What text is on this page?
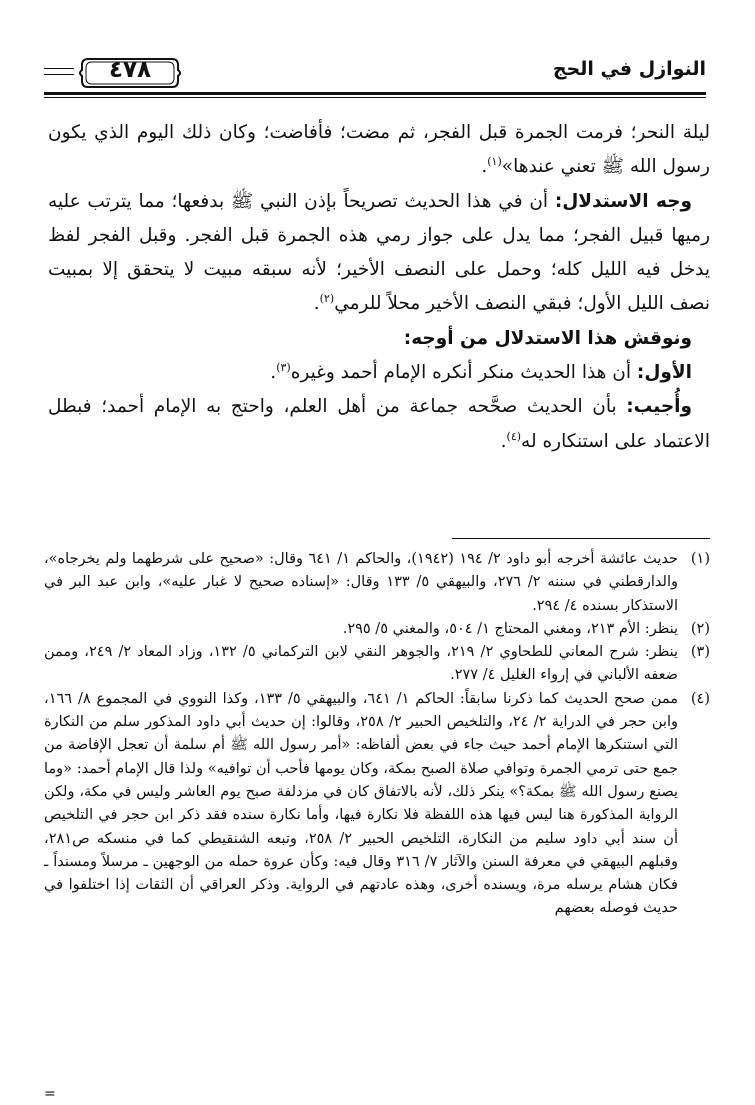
النوازل في الحج
٤٧٨

ليلة النحر؛ فرمت الجمرة قبل الفجر، ثم مضت؛ فأفاضت؛ وكان ذلك اليوم الذي يكون رسول الله ﷺ تعني عندها»$^{(١)}$.

وجه الاستدلال: أن في هذا الحديث تصريحاً بإذن النبي ﷺ بدفعها؛ مما يترتب عليه رميها قبيل الفجر؛ مما يدل على جواز رمي هذه الجمرة قبل الفجر. وقبل الفجر لفظ يدخل فيه الليل كله؛ وحمل على النصف الأخير؛ لأنه سبقه مبيت لا يتحقق إلا بمبيت نصف الليل الأول؛ فبقي النصف الأخير محلاً للرمي$^{(٢)}$.

ونوقش هذا الاستدلال من أوجه:

الأول: أن هذا الحديث منكر أنكره الإمام أحمد وغيره$^{(٣)}$.

وأُجيب: بأن الحديث صحَّحه جماعة من أهل العلم، واحتج به الإمام أحمد؛ فبطل الاعتماد على استنكاره له$^{(٤)}$.

(١)
حديث عائشة أخرجه أبو داود ٢/ ١٩٤ (١٩٤٢)، والحاكم ١/ ٦٤١ وقال: «صحيح على شرطهما ولم يخرجاه»، والدارقطني في سننه ٢/ ٢٧٦، والبيهقي ٥/ ١٣٣ وقال: «إسناده صحيح لا غبار عليه»، وابن عبد البر في الاستذكار بسنده ٤/ ٢٩٤.
(٢)
ينظر: الأم ٢١٣، ومغني المحتاج ١/ ٥٠٤، والمغني ٥/ ٢٩٥.
(٣)
ينظر: شرح المعاني للطحاوي ٢/ ٢١٩، والجوهر النقي لابن التركماني ٥/ ١٣٢، وزاد المعاد ٢/ ٢٤٩، وممن ضعفه الألباني في إرواء الغليل ٤/ ٢٧٧.
(٤)
ممن صحح الحديث كما ذكرنا سابقاً: الحاكم ١/ ٦٤١، والبيهقي ٥/ ١٣٣، وكذا النووي في المجموع ٨/ ١٦٦، وابن حجر في الدراية ٢/ ٢٤، والتلخيص الحبير ٢/ ٢٥٨، وقالوا: إن حديث أبي داود المذكور سلم من النكارة التي استنكرها الإمام أحمد حيث جاء في بعض ألفاظه: «أمر رسول الله ﷺ أم سلمة أن تعجل الإفاضة من جمع حتى ترمي الجمرة وتوافي صلاة الصبح بمكة، وكان يومها فأحب أن توافيه» ولذا قال الإمام أحمد: «وما يصنع رسول الله ﷺ بمكة؟» ينكر ذلك، لأنه بالاتفاق كان في مزدلفة صبح يوم العاشر وليس في مكة، ولكن الرواية المذكورة هنا ليس فيها هذه اللفظة فلا نكارة فيها، وأما نكارة سنده فقد ذكر ابن حجر في التلخيص أن سند أبي داود سليم من النكارة، التلخيص الحبير ٢/ ٢٥٨، وتبعه الشنقيطي كما في منسكه ص٢٨١، وقبلهم البيهقي في معرفة السنن والآثار ٧/ ٣١٦ وقال فيه: وكأن عروة حمله من الوجهين ـ مرسلاً ومسنداً ـ فكان هشام يرسله مرة، ويسنده أخرى، وهذه عادتهم في الرواية. وذكر العراقي أن الثقات إذا اختلفوا في حديث فوصله بعضهم
=
